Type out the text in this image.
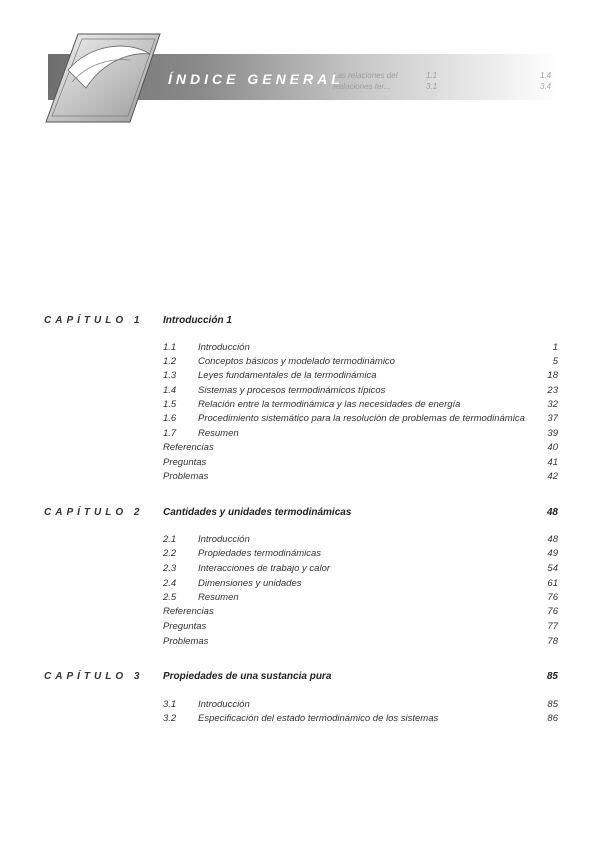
Las relaciones del
Relaciones ter...
1.1
3.1
1.4
3.4
ÍNDICE GENERAL
CAPÍTULO 1 Introducción 1
1.1 Introducción	1
1.2 Conceptos básicos y modelado termodinámico	5
1.3 Leyes fundamentales de la termodinámica	18
1.4 Sistemas y procesos termodinámicos típicos	23
1.5 Relación entre la termodinámica y las necesidades de energía	32
1.6 Procedimiento sistemático para la resolución de problemas de termodinámica 37
1.7 Resumen	39
Referencias	40
Preguntas	41
Problemas	42
CAPÍTULO 2 Cantidades y unidades termodinámicas	48
2.1 Introducción	48
2.2 Propiedades termodinámicas	49
2.3 Interacciones de trabajo y calor	54
2.4 Dimensiones y unidades	61
2.5 Resumen	76
Referencias	76
Preguntas	77
Problemas	78
CAPÍTULO 3 Propiedades de una sustancia pura	85
3.1 Introducción	85
3.2 Especificación del estado termodinámico de los sistemas	86
